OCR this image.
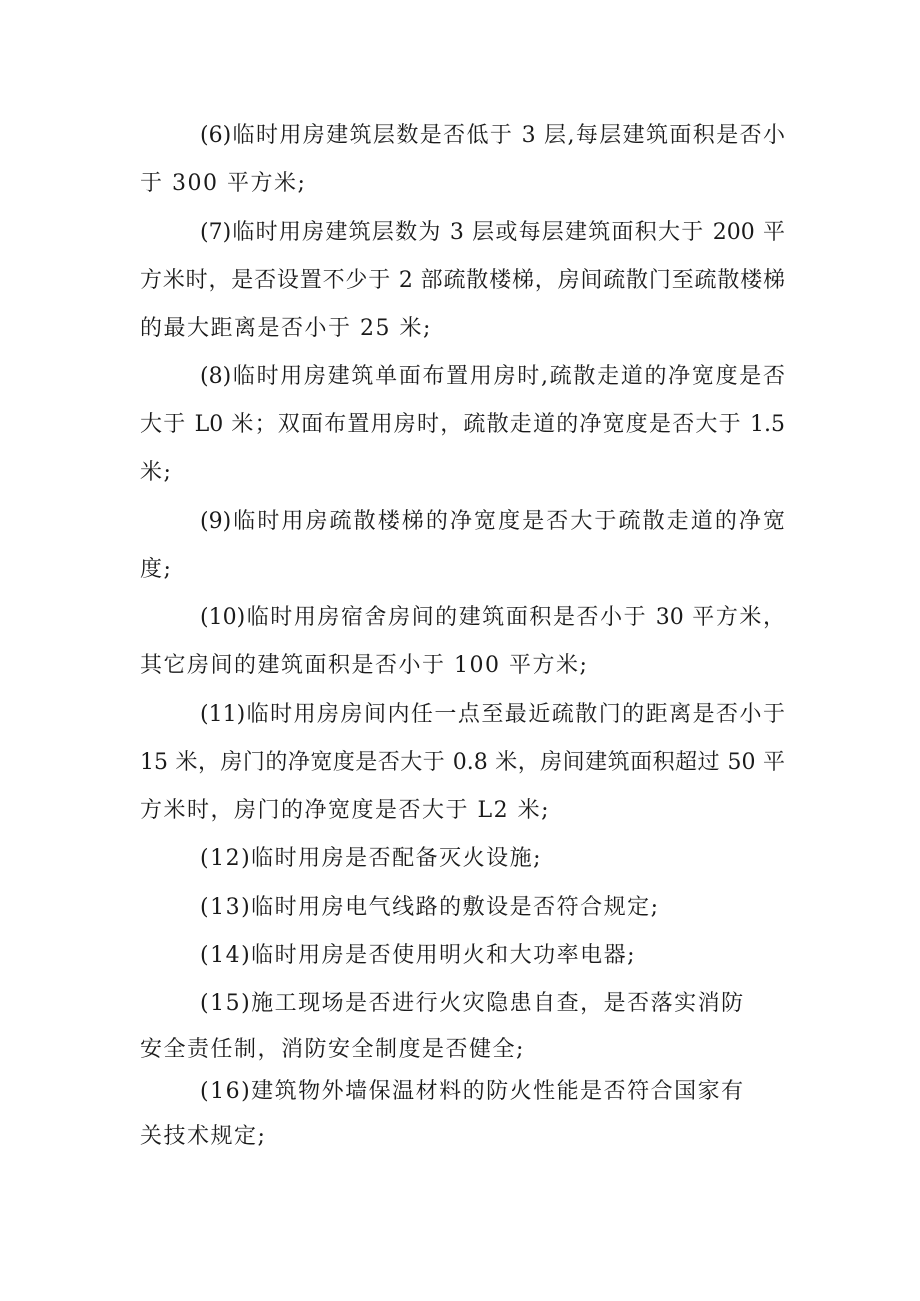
(6)临时用房建筑层数是否低于 3 层,每层建筑面积是否小
于 300 平方米;
(7)临时用房建筑层数为 3 层或每层建筑面积大于 200 平
方米时，是否设置不少于 2 部疏散楼梯，房间疏散门至疏散楼梯
的最大距离是否小于 25 米;
(8)临时用房建筑单面布置用房时,疏散走道的净宽度是否
大于 L0 米；双面布置用房时，疏散走道的净宽度是否大于 1.5
米;
(9)临时用房疏散楼梯的净宽度是否大于疏散走道的净宽
度;
(10)临时用房宿舍房间的建筑面积是否小于 30 平方米，
其它房间的建筑面积是否小于 100 平方米;
(11)临时用房房间内任一点至最近疏散门的距离是否小于
15 米，房门的净宽度是否大于 0.8 米，房间建筑面积超过 50 平
方米时，房门的净宽度是否大于 L2 米;
(12)临时用房是否配备灭火设施;
(13)临时用房电气线路的敷设是否符合规定;
(14)临时用房是否使用明火和大功率电器;
(15)施工现场是否进行火灾隐患自查，是否落实消防
安全责任制，消防安全制度是否健全;
(16)建筑物外墙保温材料的防火性能是否符合国家有
关技术规定;
